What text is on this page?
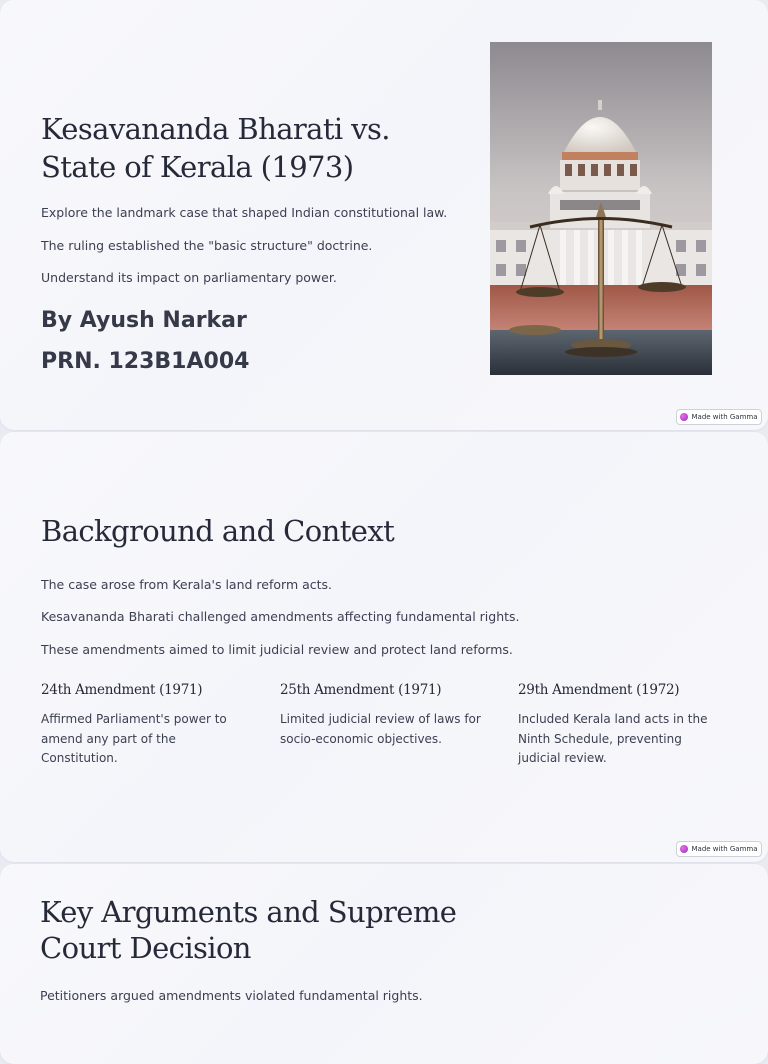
Kesavananda Bharati vs. State of Kerala (1973)

Explore the landmark case that shaped Indian constitutional law.

The ruling established the "basic structure" doctrine.

Understand its impact on parliamentary power.

By Ayush Narkar
PRN. 123B1A004
Made with Gamma
Background and Context

The case arose from Kerala's land reform acts.

Kesavananda Bharati challenged amendments affecting fundamental rights.

These amendments aimed to limit judicial review and protect land reforms.

24th Amendment (1971)

Affirmed Parliament's power to amend any part of the Constitution.

25th Amendment (1971)

Limited judicial review of laws for socio-economic objectives.

29th Amendment (1972)

Included Kerala land acts in the Ninth Schedule, preventing judicial review.

Made with Gamma
Key Arguments and Supreme Court Decision

Petitioners argued amendments violated fundamental rights.
